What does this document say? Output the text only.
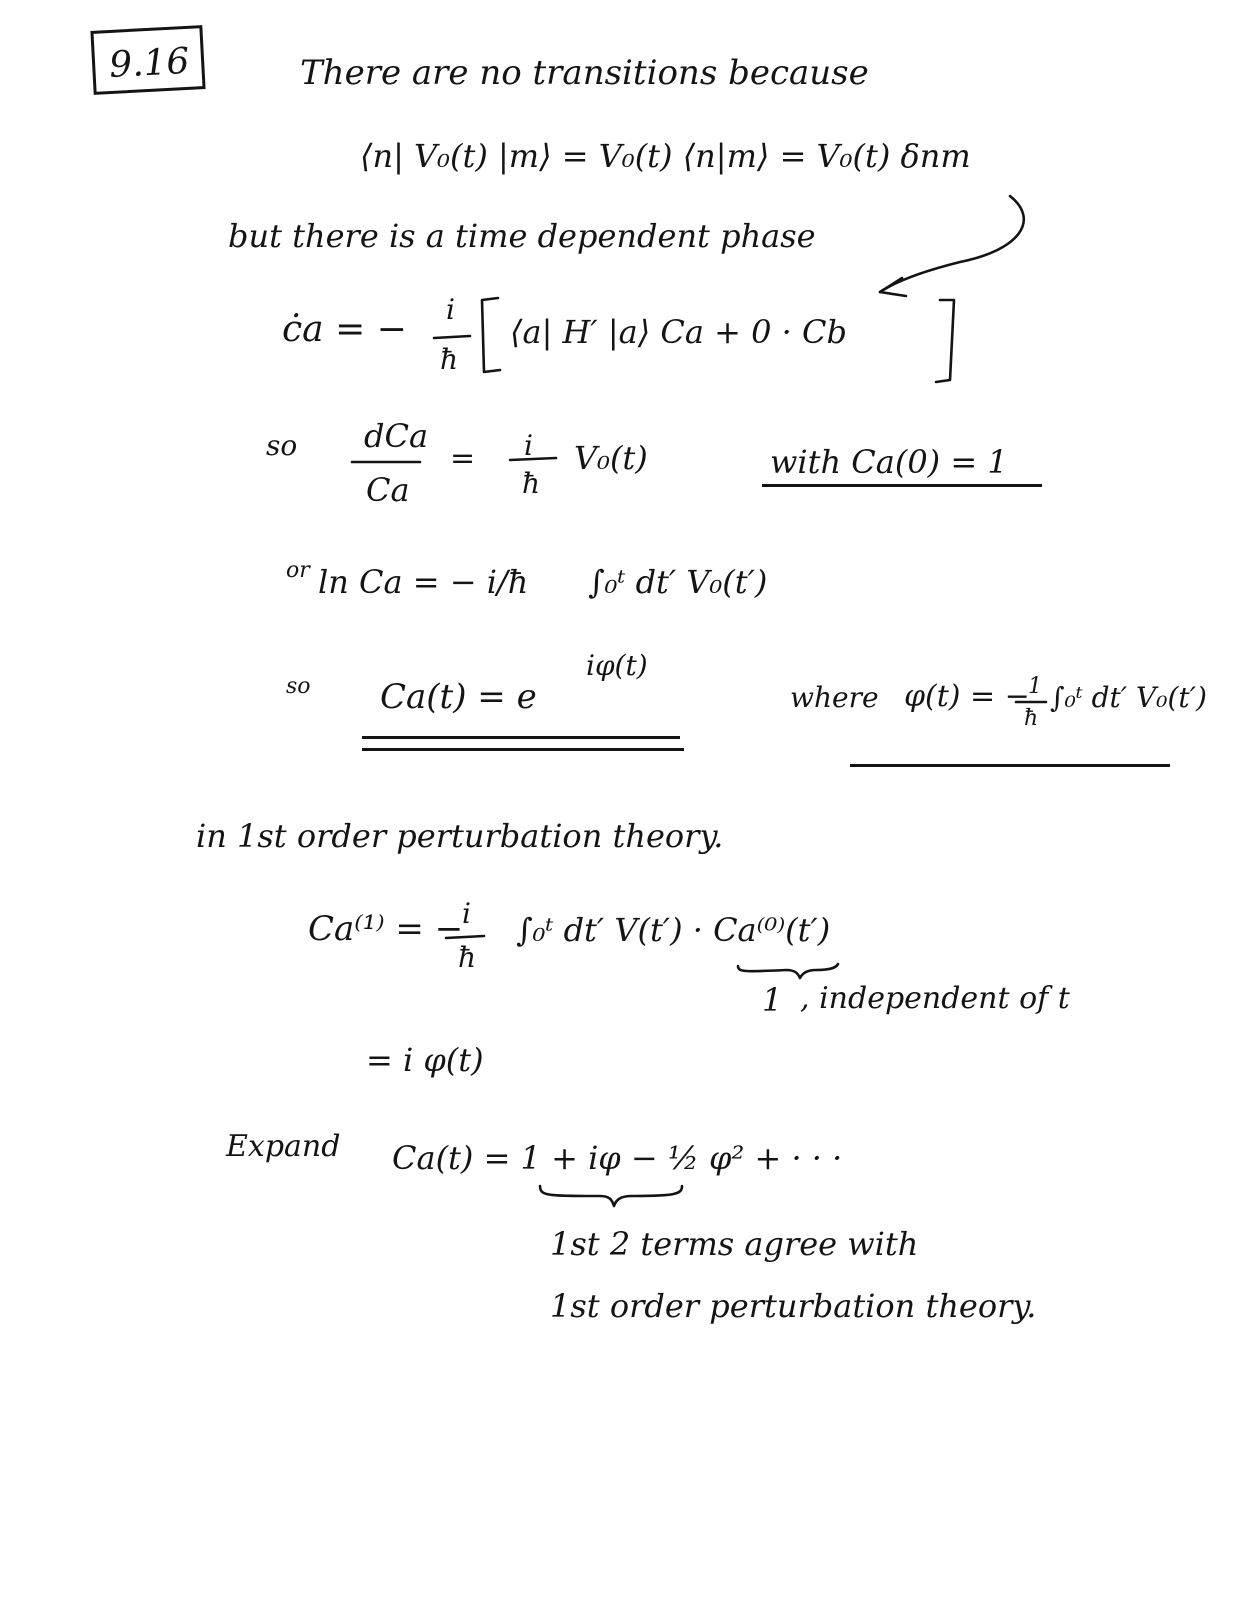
9.16	There are no transitions because
⟨n| V₀(t) |m⟩ = V₀(t) ⟨n|m⟩ = V₀(t) δnm
but there is a time dependent phase
ċa = − i
ħ
⟨a| H′ |a⟩ Ca + 0 · Cb
so dCa
Ca
= i
ħ
V₀(t)	with Ca(0) = 1
or ln Ca = − i/ħ ∫₀ᵗ dt′ V₀(t′)
so Ca(t) = e
iφ(t)
where φ(t) = −
1
ħ
∫₀ᵗ dt′ V₀(t′)
in 1st order perturbation theory.
Ca⁽¹⁾ = −
i
ħ
∫₀ᵗ dt′ V(t′) · Ca⁽⁰⁾(t′)
1 , independent of t
= i φ(t)
Expand Ca(t) = 1 + iφ − ½ φ² + · · ·
1st 2 terms agree with
1st order perturbation theory.
